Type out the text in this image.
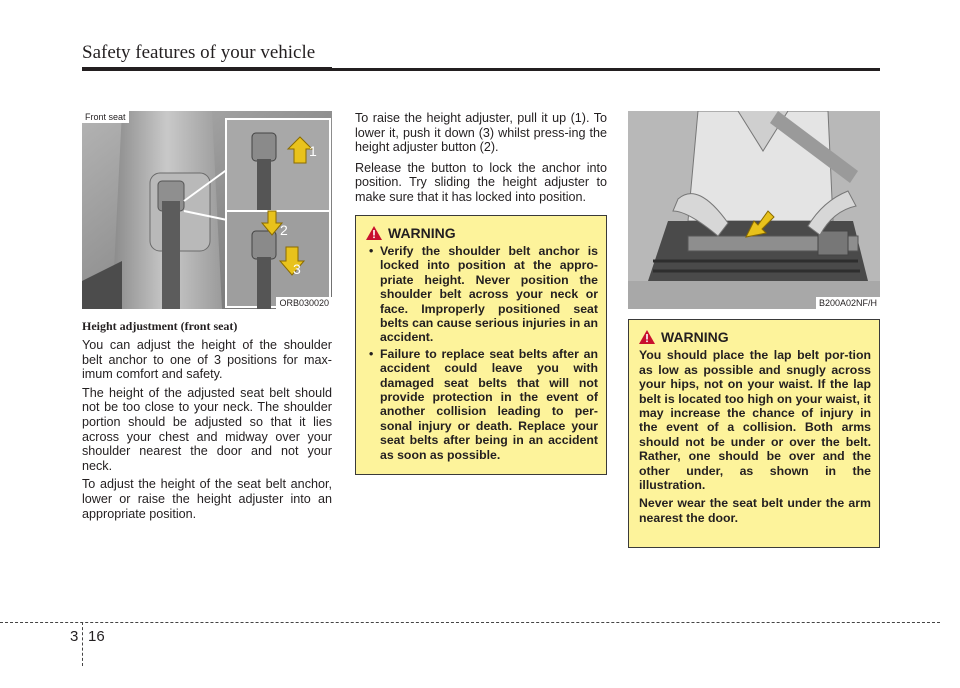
Safety features of your vehicle
1
2
3
Front seat
ORB030020
Height adjustment (front seat)

You can adjust the height of the shoulder belt anchor to one of 3 positions for max-imum comfort and safety.

The height of the adjusted seat belt should not be too close to your neck. The shoulder portion should be adjusted so that it lies across your chest and midway over your shoulder nearest the door and not your neck.

To adjust the height of the seat belt anchor, lower or raise the height adjuster into an appropriate position.

To raise the height adjuster, pull it up (1). To lower it, push it down (3) whilst press-ing the height adjuster button (2).

Release the button to lock the anchor into position. Try sliding the height adjuster to make sure that it has locked into position.

WARNING
• Verify the shoulder belt anchor is locked into position at the appro-priate height. Never position the shoulder belt across your neck or face. Improperly positioned seat belts can cause serious injuries in an accident.
• Failure to replace seat belts after an accident could leave you with damaged seat belts that will not provide protection in the event of another collision leading to per-sonal injury or death. Replace your seat belts after being in an accident as soon as possible.
B200A02NF/H
WARNING

You should place the lap belt por-tion as low as possible and snugly across your hips, not on your waist. If the lap belt is located too high on your waist, it may increase the chance of injury in the event of a collision. Both arms should not be under or over the belt. Rather, one should be over and the other under, as shown in the illustration.

Never wear the seat belt under the arm nearest the door.

3 16
